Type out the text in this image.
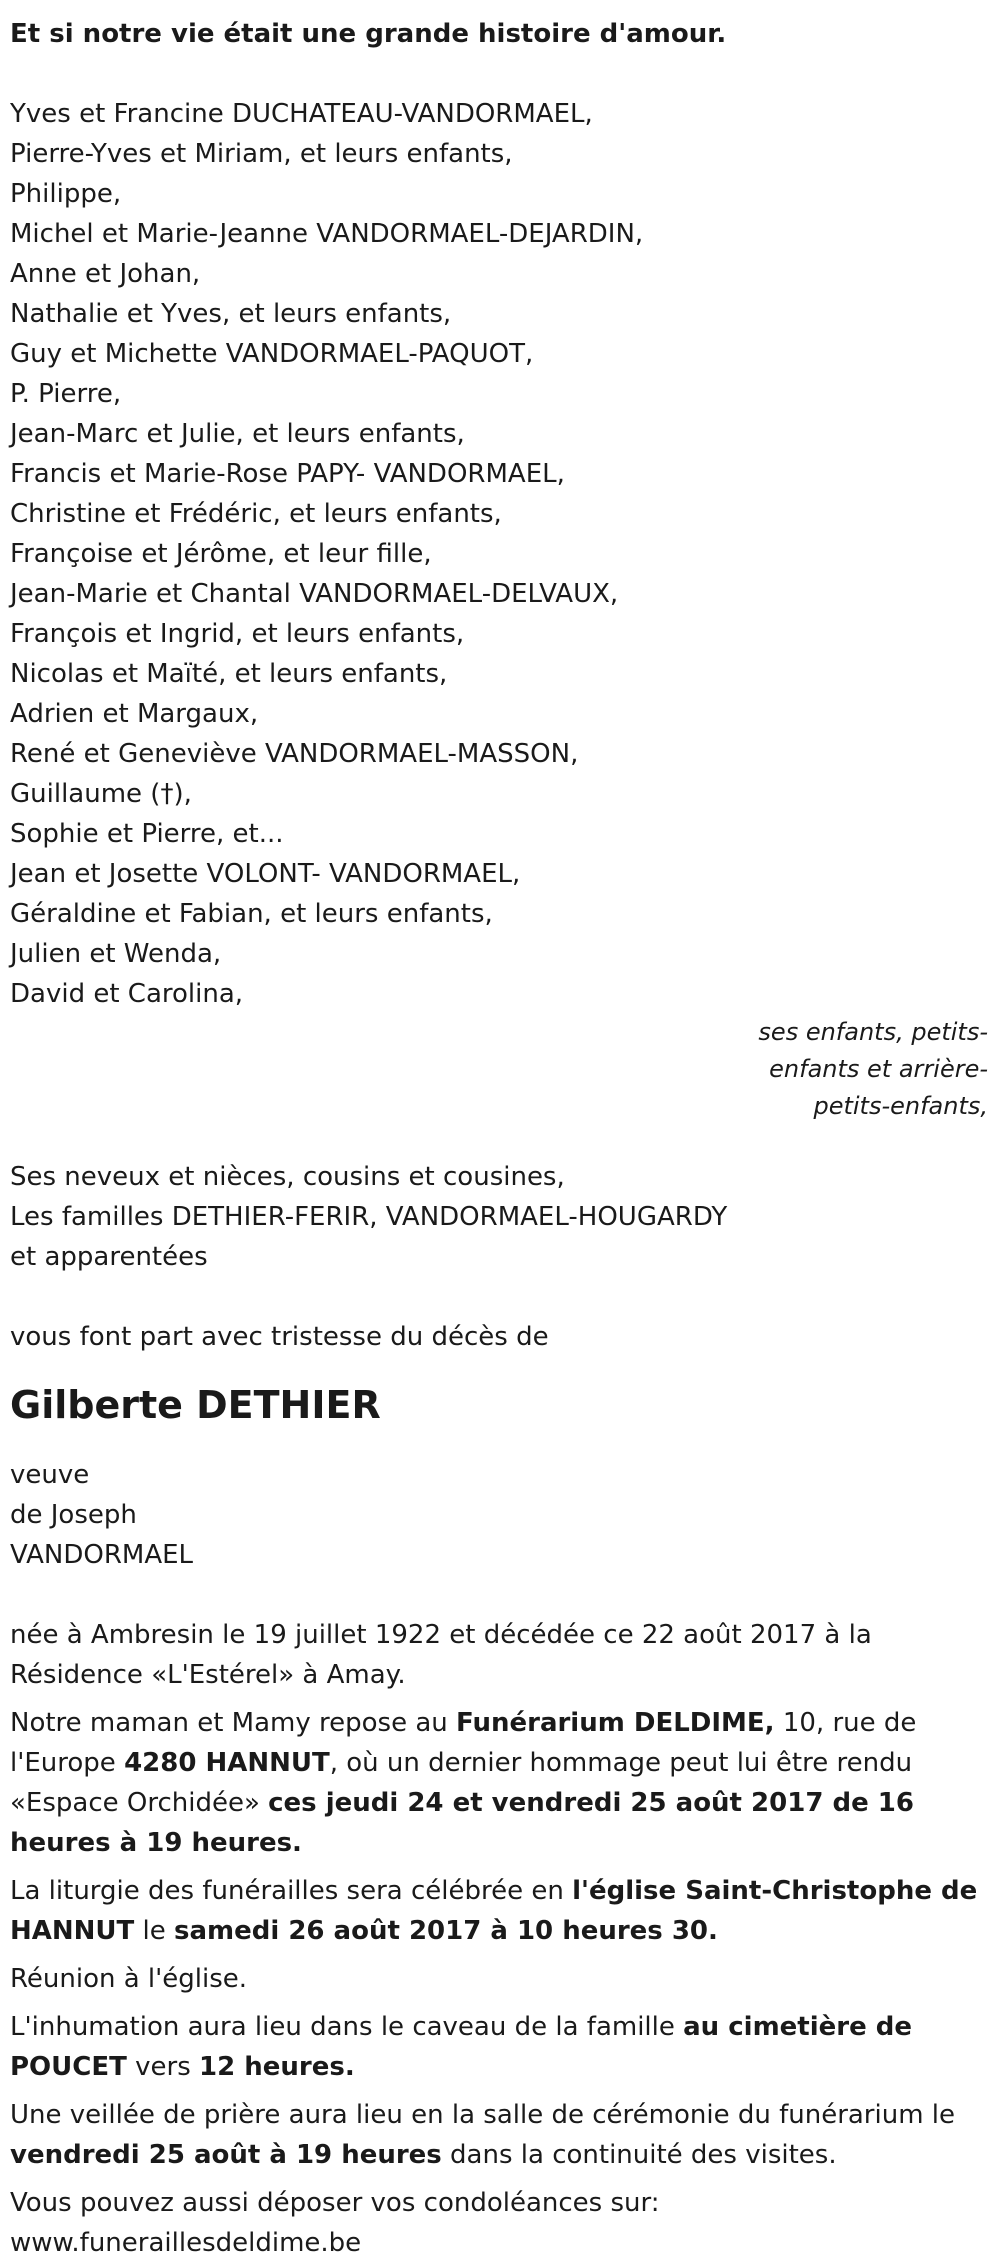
Et si notre vie était une grande histoire d'amour.

Yves et Francine DUCHATEAU-VANDORMAEL,
Pierre-Yves et Miriam, et leurs enfants,
Philippe,
Michel et Marie-Jeanne VANDORMAEL-DEJARDIN,
Anne et Johan,
Nathalie et Yves, et leurs enfants,
Guy et Michette VANDORMAEL-PAQUOT,
P. Pierre,
Jean-Marc et Julie, et leurs enfants,
Francis et Marie-Rose PAPY- VANDORMAEL,
Christine et Frédéric, et leurs enfants,
Françoise et Jérôme, et leur fille,
Jean-Marie et Chantal VANDORMAEL-DELVAUX,
François et Ingrid, et leurs enfants,
Nicolas et Maïté, et leurs enfants,
Adrien et Margaux,
René et Geneviève VANDORMAEL-MASSON,
Guillaume (†),
Sophie et Pierre, et...
Jean et Josette VOLONT- VANDORMAEL,
Géraldine et Fabian, et leurs enfants,
Julien et Wenda,
David et Carolina,
ses enfants, petits-
enfants et arrière-
petits-enfants,

Ses neveux et nièces, cousins et cousines,

Les familles DETHIER-FERIR, VANDORMAEL-HOUGARDY

et apparentées

vous font part avec tristesse du décès de

Gilberte DETHIER

veuve

de Joseph

VANDORMAEL

née à Ambresin le 19 juillet 1922 et décédée ce 22 août 2017 à la Résidence «L'Estérel» à Amay.

Notre maman et Mamy repose au Funérarium DELDIME, 10, rue de l'Europe 4280 HANNUT, où un dernier hommage peut lui être rendu «Espace Orchidée» ces jeudi 24 et vendredi 25 août 2017 de 16 heures à 19 heures.

La liturgie des funérailles sera célébrée en l'église Saint-Christophe de HANNUT le samedi 26 août 2017 à 10 heures 30.

Réunion à l'église.

L'inhumation aura lieu dans le caveau de la famille au cimetière de POUCET vers 12 heures.

Une veillée de prière aura lieu en la salle de cérémonie du funérarium le vendredi 25 août à 19 heures dans la continuité des visites.

Vous pouvez aussi déposer vos condoléances sur:
www.funeraillesdeldime.be
